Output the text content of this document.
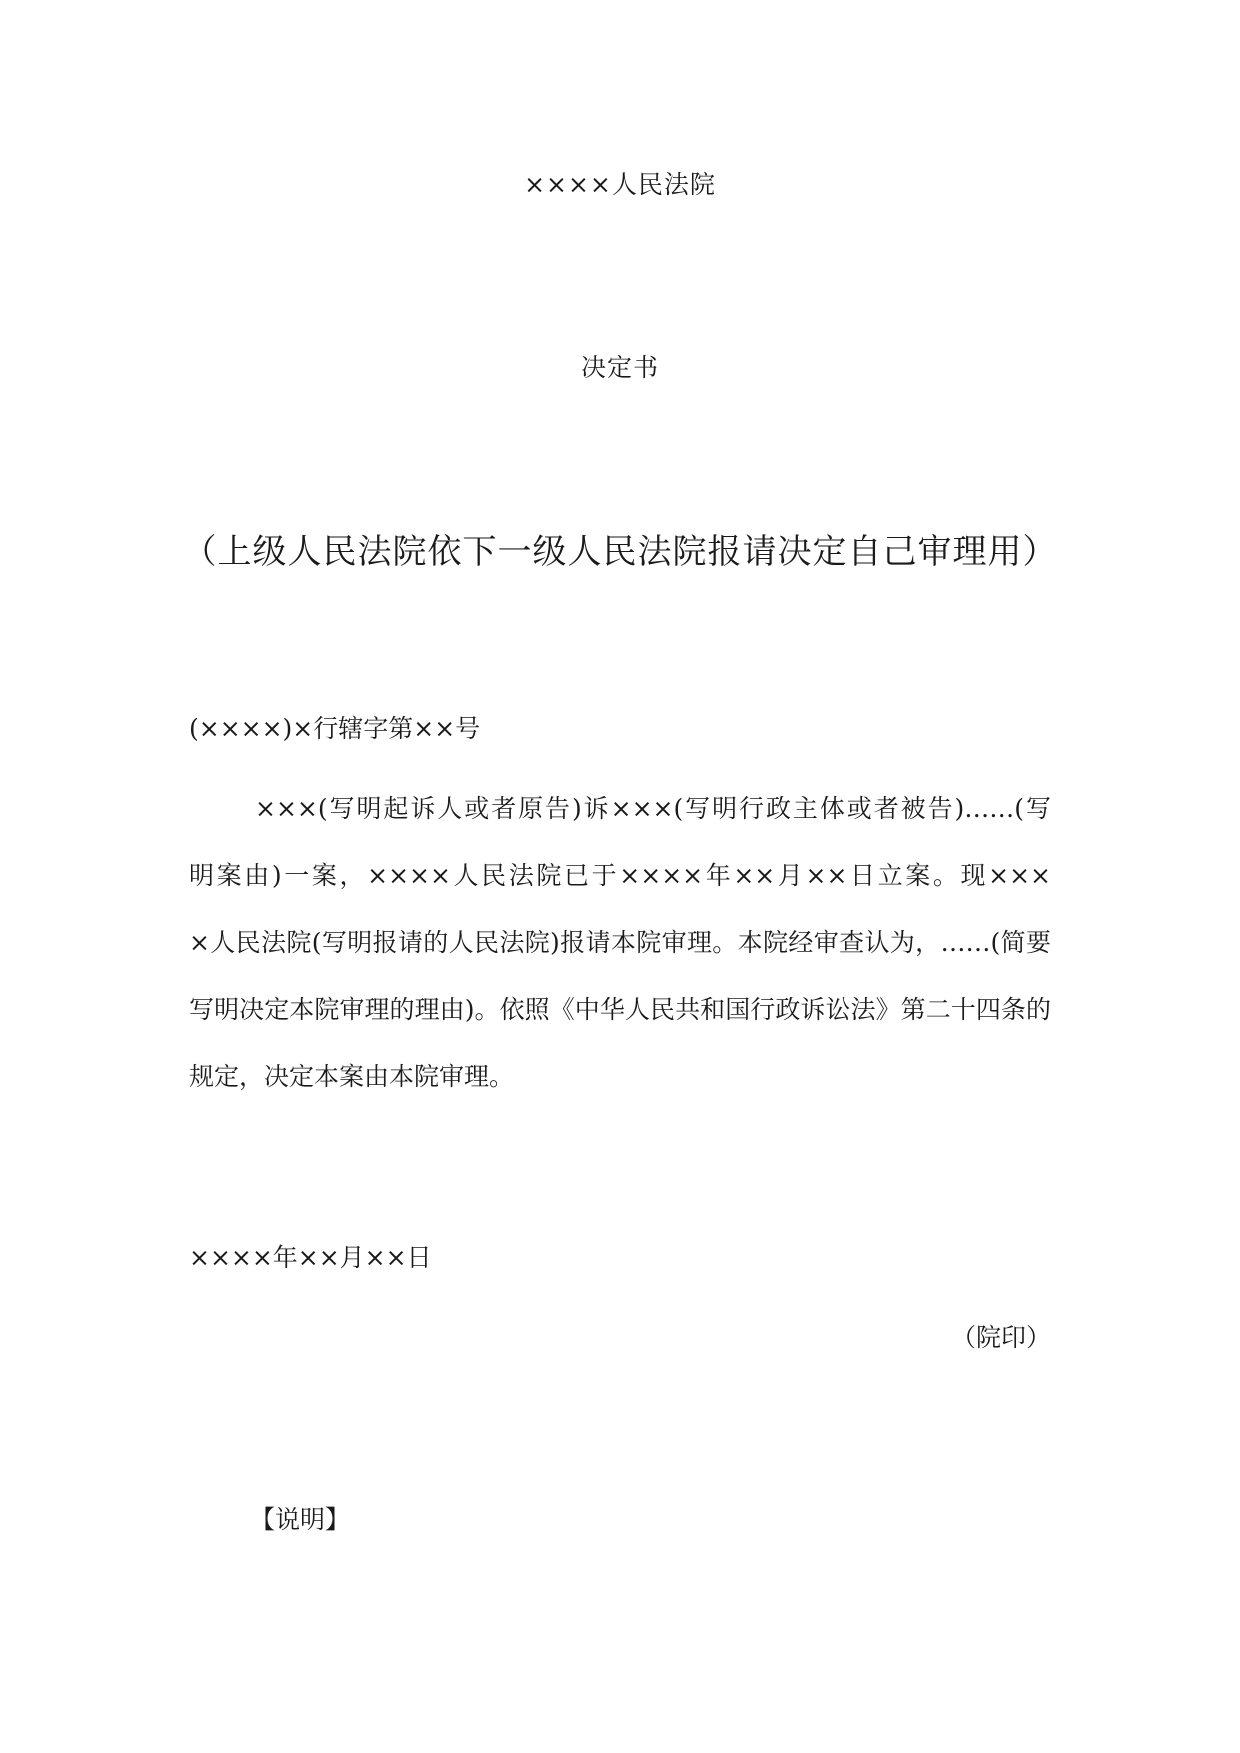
××××人民法院
决定书
（上级人民法院依下一级人民法院报请决定自己审理用）
(××××)×行辖字第××号
×××(写明起诉人或者原告)诉×××(写明行政主体或者被告)……(写
明案由)一案，××××人民法院已于××××年××月××日立案。现×××
×人民法院(写明报请的人民法院)报请本院审理。本院经审查认为，……(简要
写明决定本院审理的理由)。依照《中华人民共和国行政诉讼法》第二十四条的
规定，决定本案由本院审理。
××××年××月××日
（院印）
【说明】
